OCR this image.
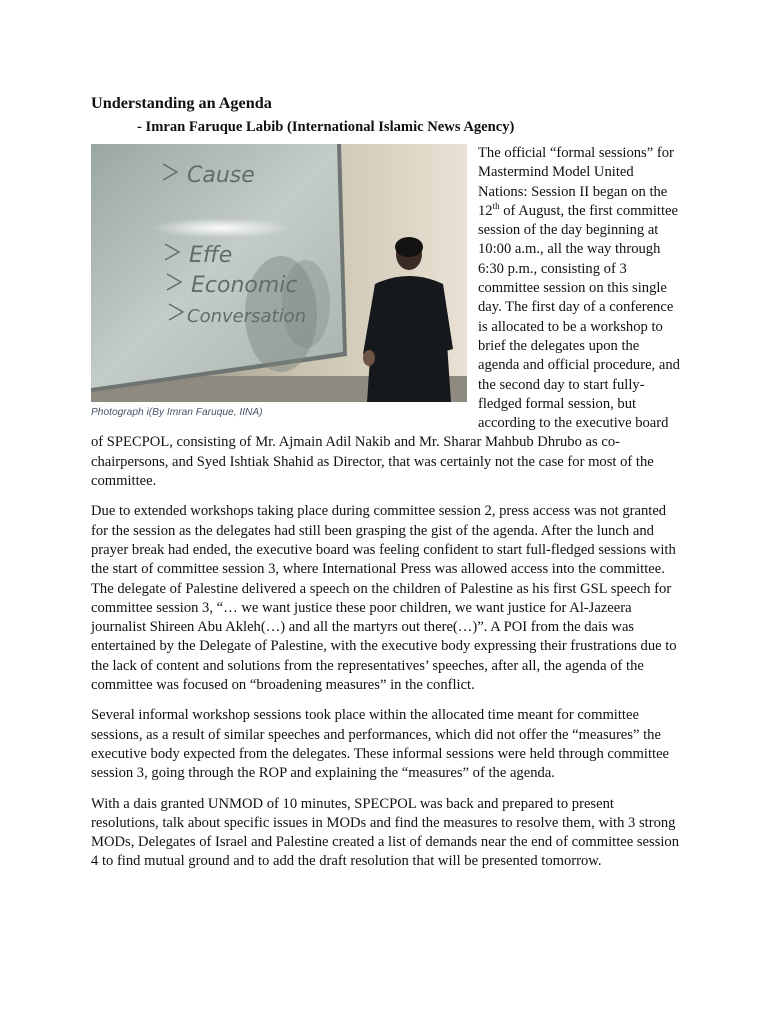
Understanding an Agenda
- Imran Faruque Labib (International Islamic News Agency)
Cause
Effe
Economic
Conversation
Photograph i(By Imran Faruque, IINA)

The official “formal sessions” for Mastermind Model United Nations: Session II began on the 12th of August, the first committee session of the day beginning at 10:00 a.m., all the way through 6:30 p.m., consisting of 3 committee session on this single day. The first day of a conference is allocated to be a workshop to brief the delegates upon the agenda and official procedure, and the second day to start fully-fledged formal session, but according to the executive board of SPECPOL, consisting of Mr. Ajmain Adil Nakib and Mr. Sharar Mahbub Dhrubo as co-chairpersons, and Syed Ishtiak Shahid as Director, that was certainly not the case for most of the committee.

Due to extended workshops taking place during committee session 2, press access was not granted for the session as the delegates had still been grasping the gist of the agenda. After the lunch and prayer break had ended, the executive board was feeling confident to start full-fledged sessions with the start of committee session 3, where International Press was allowed access into the committee. The delegate of Palestine delivered a speech on the children of Palestine as his first GSL speech for committee session 3, “… we want justice these poor children, we want justice for Al-Jazeera journalist Shireen Abu Akleh(…) and all the martyrs out there(…)”. A POI from the dais was entertained by the Delegate of Palestine, with the executive body expressing their frustrations due to the lack of content and solutions from the representatives’ speeches, after all, the agenda of the committee was focused on “broadening measures” in the conflict.

Several informal workshop sessions took place within the allocated time meant for committee sessions, as a result of similar speeches and performances, which did not offer the “measures” the executive body expected from the delegates. These informal sessions were held through committee session 3, going through the ROP and explaining the “measures” of the agenda.

With a dais granted UNMOD of 10 minutes, SPECPOL was back and prepared to present resolutions, talk about specific issues in MODs and find the measures to resolve them, with 3 strong MODs, Delegates of Israel and Palestine created a list of demands near the end of committee session 4 to find mutual ground and to add the draft resolution that will be presented tomorrow.
